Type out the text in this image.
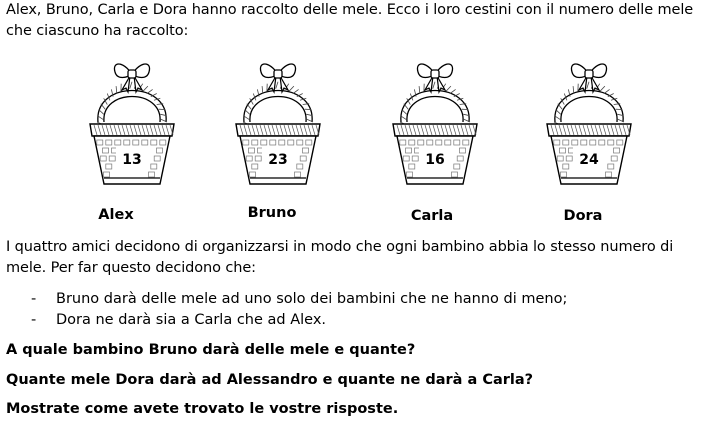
Alex, Bruno, Carla e Dora hanno raccolto delle mele. Ecco i loro cestini con il numero delle mele che ciascuno ha raccolto:
13	23	16	24
Alex	Bruno	Carla	Dora
I quattro amici decidono di organizzarsi in modo che ogni bambino abbia lo stesso numero di mele. Per far questo decidono che:
- Bruno darà delle mele ad uno solo dei bambini che ne hanno di meno;
- Dora ne darà sia a Carla che ad Alex.
A quale bambino Bruno darà delle mele e quante?
Quante mele Dora darà ad Alessandro e quante ne darà a Carla?
Mostrate come avete trovato le vostre risposte.
